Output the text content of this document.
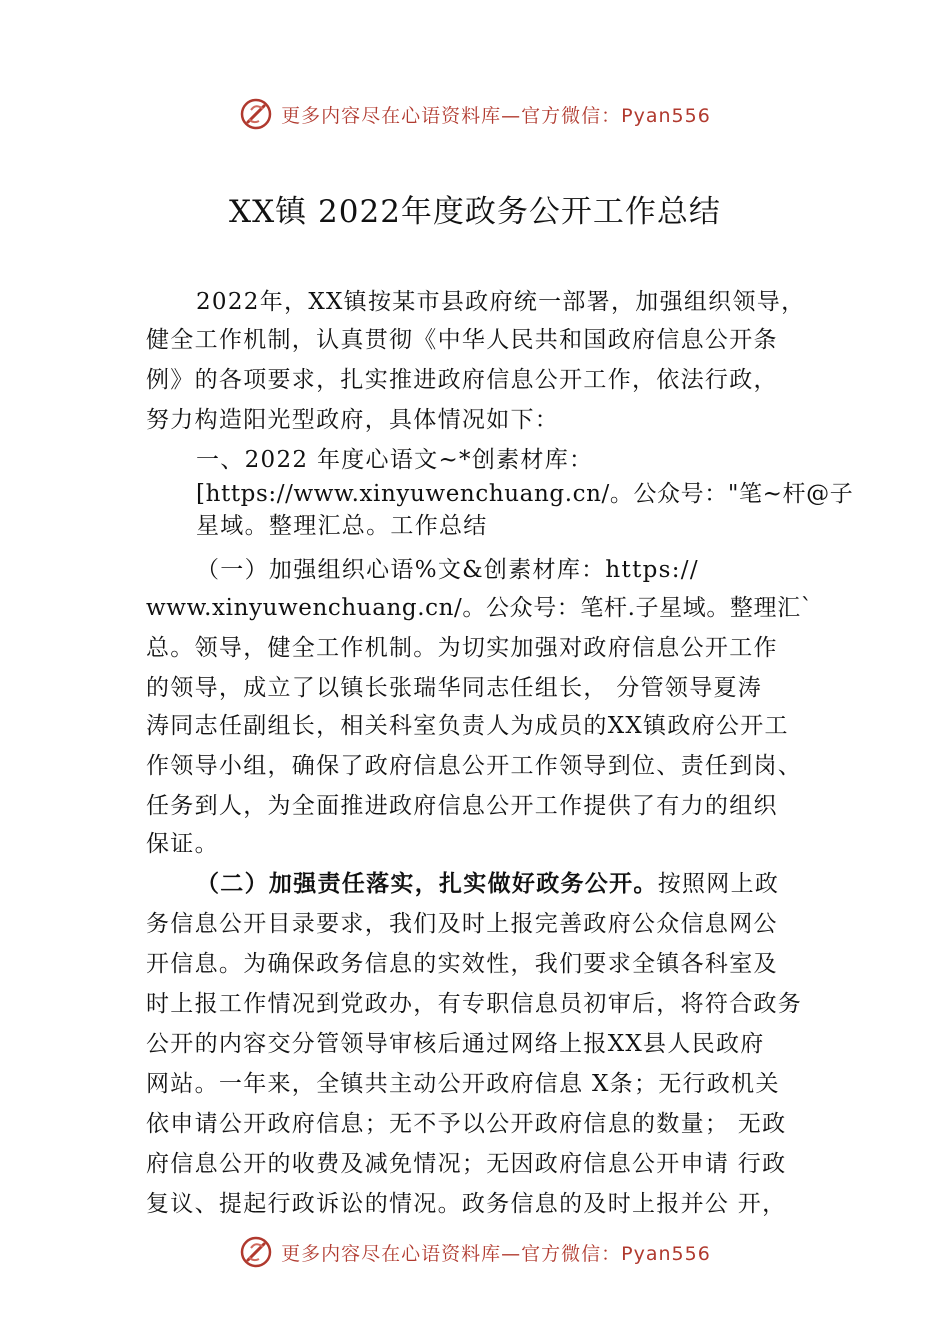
更多内容尽在心语资料库—官方微信：Pyan556
XX镇 2022年度政务公开工作总结
2022年，XX镇按某市县政府统一部署，加强组织领导，
健全工作机制，认真贯彻《中华人民共和国政府信息公开条
例》的各项要求，扎实推进政府信息公开工作，依法行政，
努力构造阳光型政府，具体情况如下：
一、2022 年度心语文~*创素材库：
[https://www.xinyuwenchuang.cn/。公众号："笔~杆@子
星域。整理汇总。工作总结
（一）加强组织心语%文&创素材库：https://
www.xinyuwenchuang.cn/。公众号：笔杆.子星域。整理汇`
总。领导，健全工作机制。为切实加强对政府信息公开工作
的领导，成立了以镇长张瑞华同志任组长， 分管领导夏涛
涛同志任副组长，相关科室负责人为成员的XX镇政府公开工
作领导小组，确保了政府信息公开工作领导到位、责任到岗、
任务到人，为全面推进政府信息公开工作提供了有力的组织
保证。
（二）加强责任落实，扎实做好政务公开。按照网上政
务信息公开目录要求，我们及时上报完善政府公众信息网公
开信息。为确保政务信息的实效性，我们要求全镇各科室及
时上报工作情况到党政办，有专职信息员初审后，将符合政务
公开的内容交分管领导审核后通过网络上报XX县人民政府
网站。一年来，全镇共主动公开政府信息 X条；无行政机关
依申请公开政府信息；无不予以公开政府信息的数量； 无政
府信息公开的收费及减免情况；无因政府信息公开申请 行政
复议、提起行政诉讼的情况。政务信息的及时上报并公 开，
更多内容尽在心语资料库—官方微信：Pyan556
